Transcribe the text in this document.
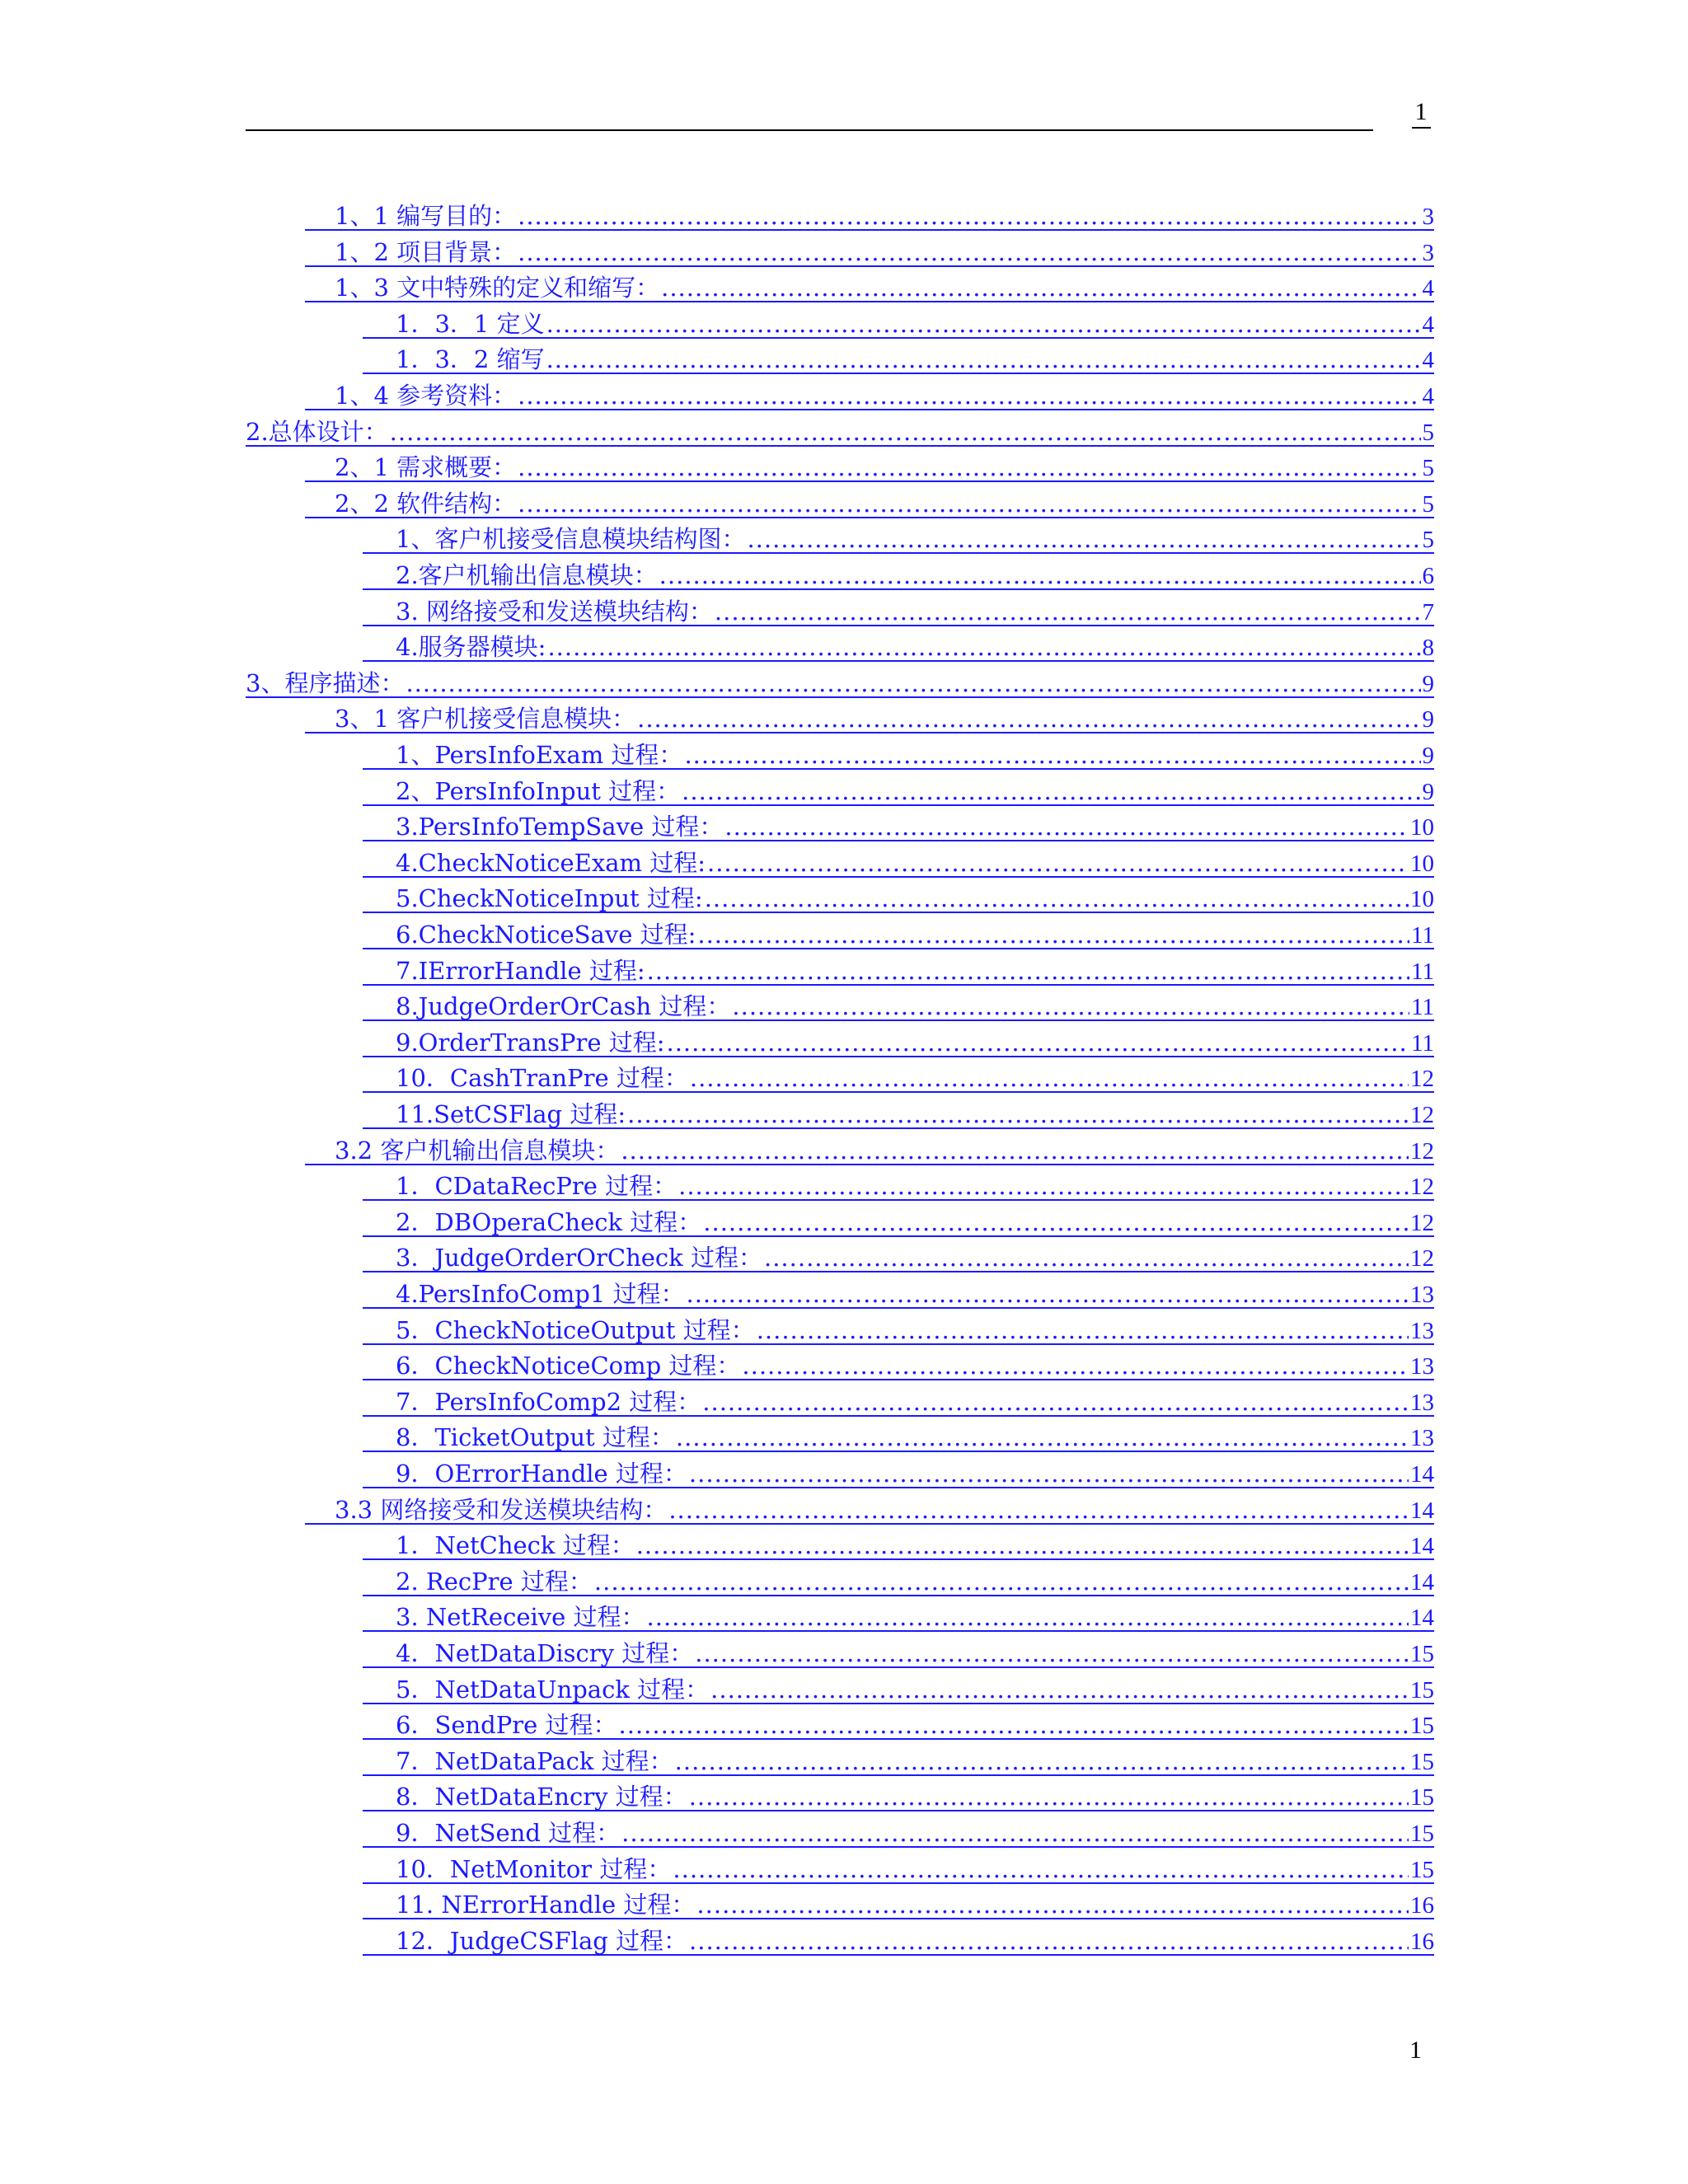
1
1、1 编写目的： .....	3
1、2 项目背景： .....	3
1、3 文中特殊的定义和缩写： .....	4
1．3．1 定义 .....	4
1．3．2 缩写 .....	4
1、4 参考资料： .....	4
2.总体设计： .....	5
2、1 需求概要： .....	5
2、2 软件结构： .....	5
1、客户机接受信息模块结构图： .....	5
2.客户机输出信息模块： .....	6
3. 网络接受和发送模块结构： .....	7
4.服务器模块: .....	8
3、程序描述： .....	9
3、1 客户机接受信息模块： .....	9
1、PersInfoExam 过程： .....	9
2、PersInfoInput 过程： .....	9
3.PersInfoTempSave 过程： .....	10
4.CheckNoticeExam 过程: .....	10
5.CheckNoticeInput 过程: .....	10
6.CheckNoticeSave 过程: .....	11
7.IErrorHandle 过程: .....	11
8.JudgeOrderOrCash 过程： .....	11
9.OrderTransPre 过程: .....	11
10．CashTranPre 过程： .....	12
11.SetCSFlag 过程: .....	12
3.2 客户机输出信息模块： .....	12
1．CDataRecPre 过程： .....	12
2．DBOperaCheck 过程： .....	12
3．JudgeOrderOrCheck 过程： .....	12
4.PersInfoComp1 过程： .....	13
5．CheckNoticeOutput 过程： .....	13
6．CheckNoticeComp 过程： .....	13
7．PersInfoComp2 过程： .....	13
8．TicketOutput 过程： .....	13
9．OErrorHandle 过程： .....	14
3.3 网络接受和发送模块结构： .....	14
1．NetCheck 过程： .....	14
2. RecPre 过程： .....	14
3. NetReceive 过程： .....	14
4．NetDataDiscry 过程： .....	15
5．NetDataUnpack 过程： .....	15
6．SendPre 过程： .....	15
7．NetDataPack 过程： .....	15
8．NetDataEncry 过程： .....	15
9．NetSend 过程： .....	15
10．NetMonitor 过程： .....	15
11. NErrorHandle 过程： .....	16
12．JudgeCSFlag 过程： .....	16
1
